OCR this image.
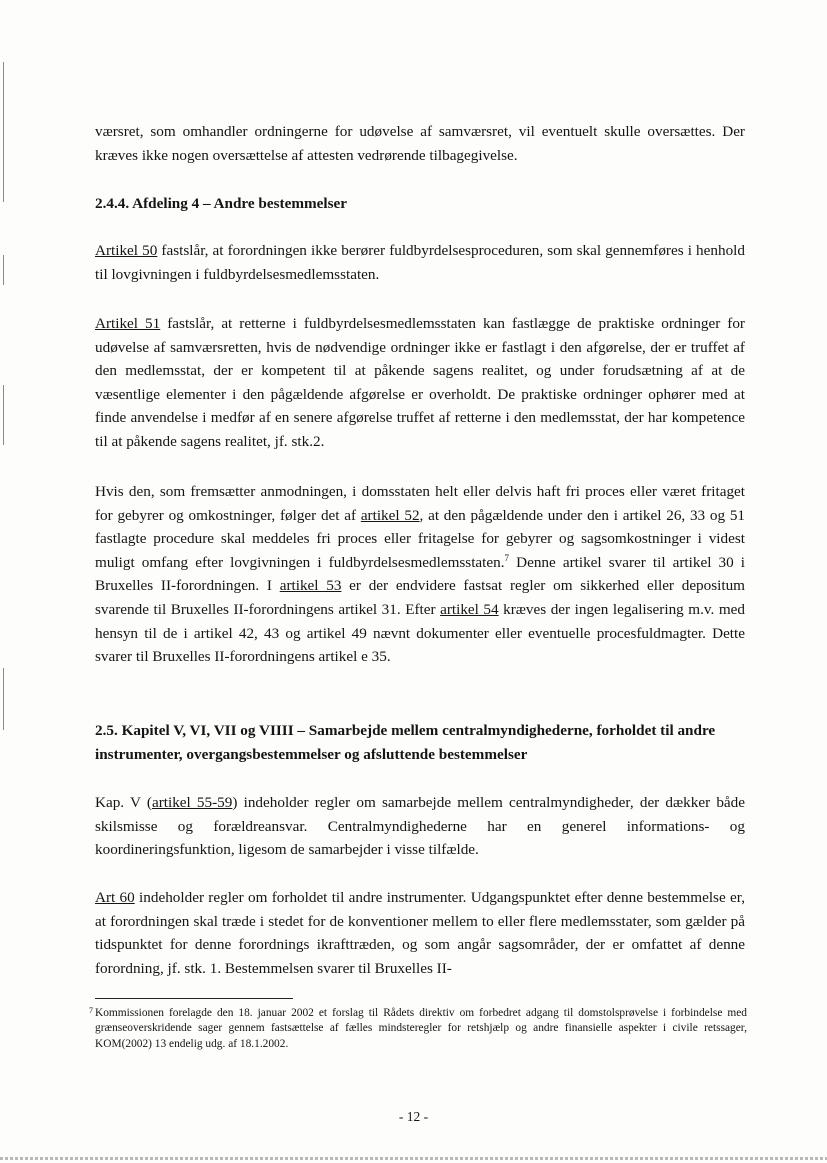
værsret, som omhandler ordningerne for udøvelse af samværsret, vil eventuelt skulle oversættes. Der kræves ikke nogen oversættelse af attesten vedrørende tilbagegivelse.

2.4.4. Afdeling 4 – Andre bestemmelser

Artikel 50 fastslår, at forordningen ikke berører fuldbyrdelsesproceduren, som skal gennemføres i henhold til lovgivningen i fuldbyrdelsesmedlemsstaten.

Artikel 51 fastslår, at retterne i fuldbyrdelsesmedlemsstaten kan fastlægge de praktiske ordninger for udøvelse af samværsretten, hvis de nødvendige ordninger ikke er fastlagt i den afgørelse, der er truffet af den medlemsstat, der er kompetent til at påkende sagens realitet, og under forudsætning af at de væsentlige elementer i den pågældende afgørelse er overholdt. De praktiske ordninger ophører med at finde anvendelse i medfør af en senere afgørelse truffet af retterne i den medlemsstat, der har kompetence til at påkende sagens realitet, jf. stk.2.

Hvis den, som fremsætter anmodningen, i domsstaten helt eller delvis haft fri proces eller været fritaget for gebyrer og omkostninger, følger det af artikel 52, at den pågældende under den i artikel 26, 33 og 51 fastlagte procedure skal meddeles fri proces eller fritagelse for gebyrer og sagsomkostninger i videst muligt omfang efter lovgivningen i fuldbyrdelsesmedlemsstaten.$^7$ Denne artikel svarer til artikel 30 i Bruxelles II-forordningen. I artikel 53 er der endvidere fastsat regler om sikkerhed eller depositum svarende til Bruxelles II-forordningens artikel 31. Efter artikel 54 kræves der ingen legalisering m.v. med hensyn til de i artikel 42, 43 og artikel 49 nævnt dokumenter eller eventuelle procesfuldmagter. Dette svarer til Bruxelles II-forordningens artikel e 35.

2.5. Kapitel V, VI, VII og VIIII – Samarbejde mellem centralmyndighederne, forholdet til andre instrumenter, overgangsbestemmelser og afsluttende bestemmelser

Kap. V (artikel 55-59) indeholder regler om samarbejde mellem centralmyndigheder, der dækker både skilsmisse og forældreansvar. Centralmyndighederne har en generel informations- og koordineringsfunktion, ligesom de samarbejder i visse tilfælde.

Art 60 indeholder regler om forholdet til andre instrumenter. Udgangspunktet efter denne bestemmelse er, at forordningen skal træde i stedet for de konventioner mellem to eller flere medlemsstater, som gælder på tidspunktet for denne forordnings ikrafttræden, og som angår sagsområder, der er omfattet af denne forordning, jf. stk. 1. Bestemmelsen svarer til Bruxelles II-

7 Kommissionen forelagde den 18. januar 2002 et forslag til Rådets direktiv om forbedret adgang til domstolsprøvelse i forbindelse med grænseoverskridende sager gennem fastsættelse af fælles mindsteregler for retshjælp og andre finansielle aspekter i civile retssager, KOM(2002) 13 endelig udg. af 18.1.2002.
- 12 -
